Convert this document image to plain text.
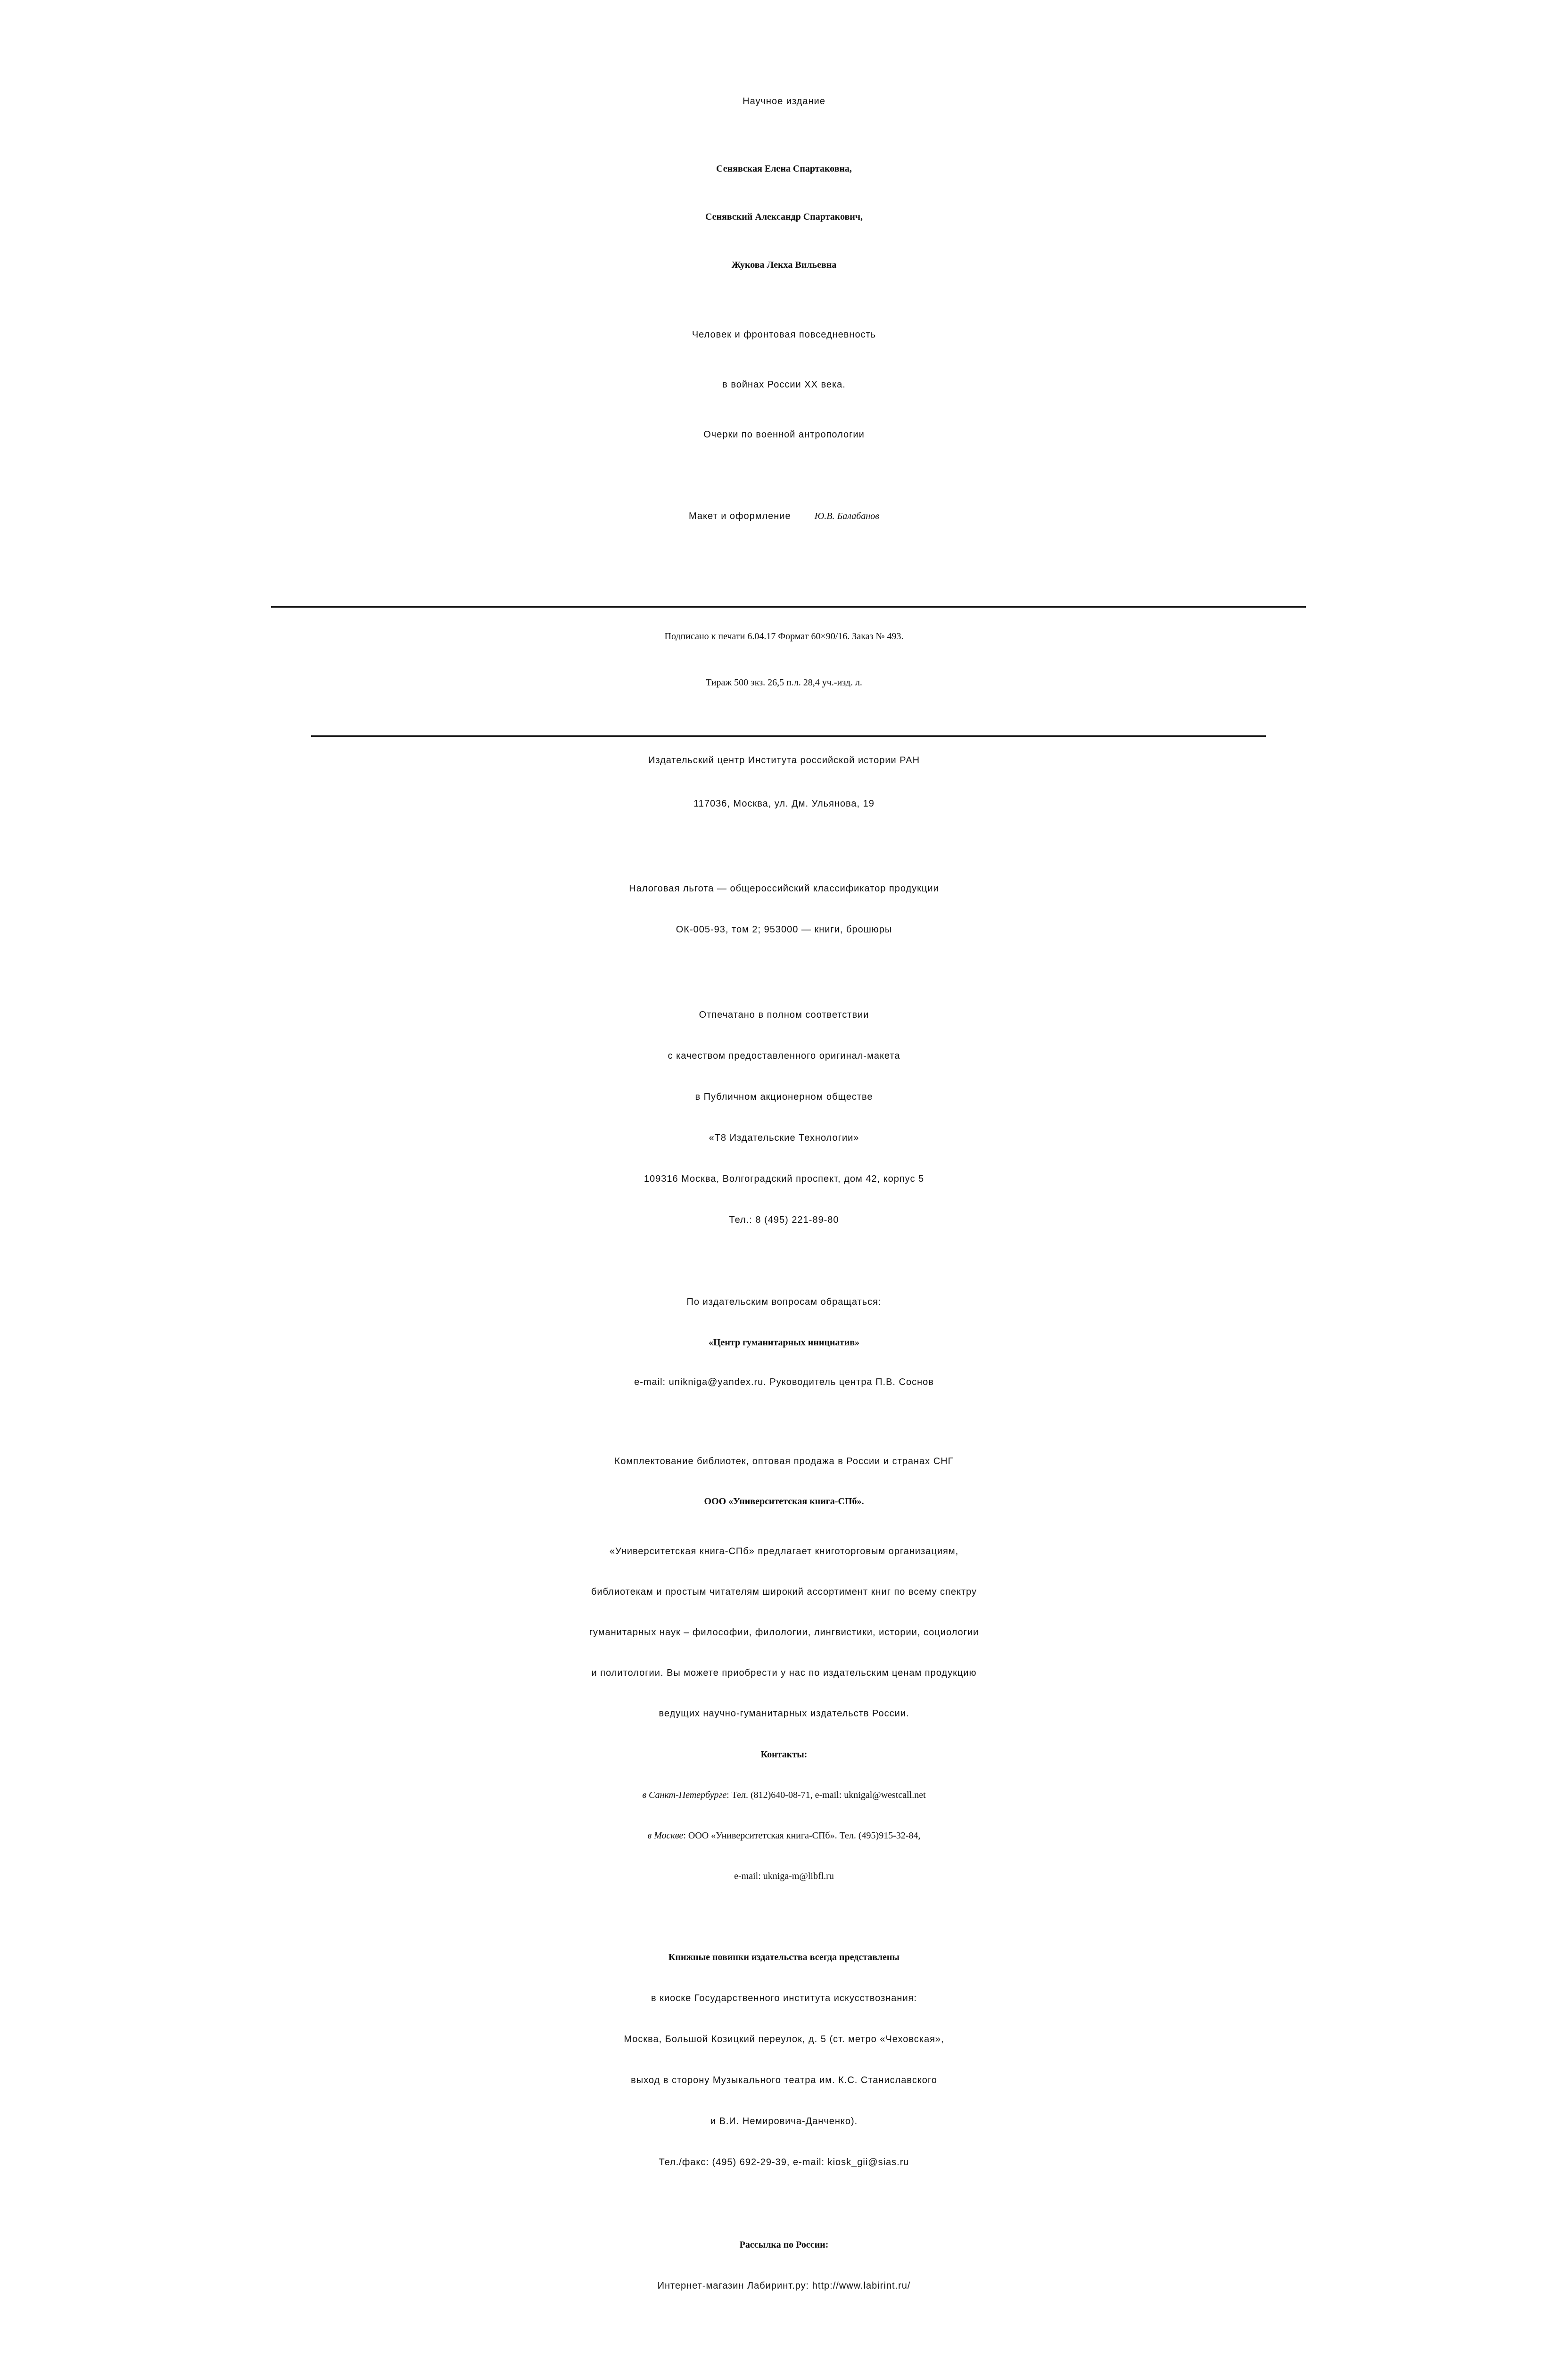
Научное издание
Сенявская Елена Спартаковна,
Сенявский Александр Спартакович,
Жукова Лекха Вильевна
Человек и фронтовая повседневность
в войнах России XX века.
Очерки по военной антропологии
Макет и оформление	Ю.В. Балабанов
Подписано к печати 6.04.17 Формат 60×90/16. Заказ № 493.
Тираж 500 экз. 26,5 п.л. 28,4 уч.-изд. л.
Издательский центр Института российской истории РАН
117036, Москва, ул. Дм. Ульянова, 19
Налоговая льгота — общероссийский классификатор продукции
ОК-005-93, том 2; 953000 — книги, брошюры
Отпечатано в полном соответствии
с качеством предоставленного оригинал-макета
в Публичном акционерном обществе
«Т8 Издательские Технологии»
109316 Москва, Волгоградский проспект, дом 42, корпус 5
Тел.: 8 (495) 221-89-80
По издательским вопросам обращаться:
«Центр гуманитарных инициатив»
e-mail: unikniga@yandex.ru. Руководитель центра П.В. Соснов
Комплектование библиотек, оптовая продажа в России и странах СНГ
ООО «Университетская книга-СПб».
«Университетская книга-СПб» предлагает книготорговым организациям,
библиотекам и простым читателям широкий ассортимент книг по всему спектру
гуманитарных наук – философии, филологии, лингвистики, истории, социологии
и политологии. Вы можете приобрести у нас по издательским ценам продукцию
ведущих научно-гуманитарных издательств России.
Контакты:
в Санкт-Петербурге: Тел. (812)640-08-71, e-mail: uknigal@westcall.net
в Москве: ООО «Университетская книга-СПб». Тел. (495)915-32-84,
e-mail: ukniga-m@libfl.ru
Книжные новинки издательства всегда представлены
в киоске Государственного института искусствознания:
Москва, Большой Козицкий переулок, д. 5 (ст. метро «Чеховская»,
выход в сторону Музыкального театра им. К.С. Станиславского
и В.И. Немировича-Данченко).
Тел./факс: (495) 692-29-39, e-mail: kiosk_gii@sias.ru
Рассылка по России:
Интернет-магазин Лабиринт.ру: http://www.labirint.ru/
